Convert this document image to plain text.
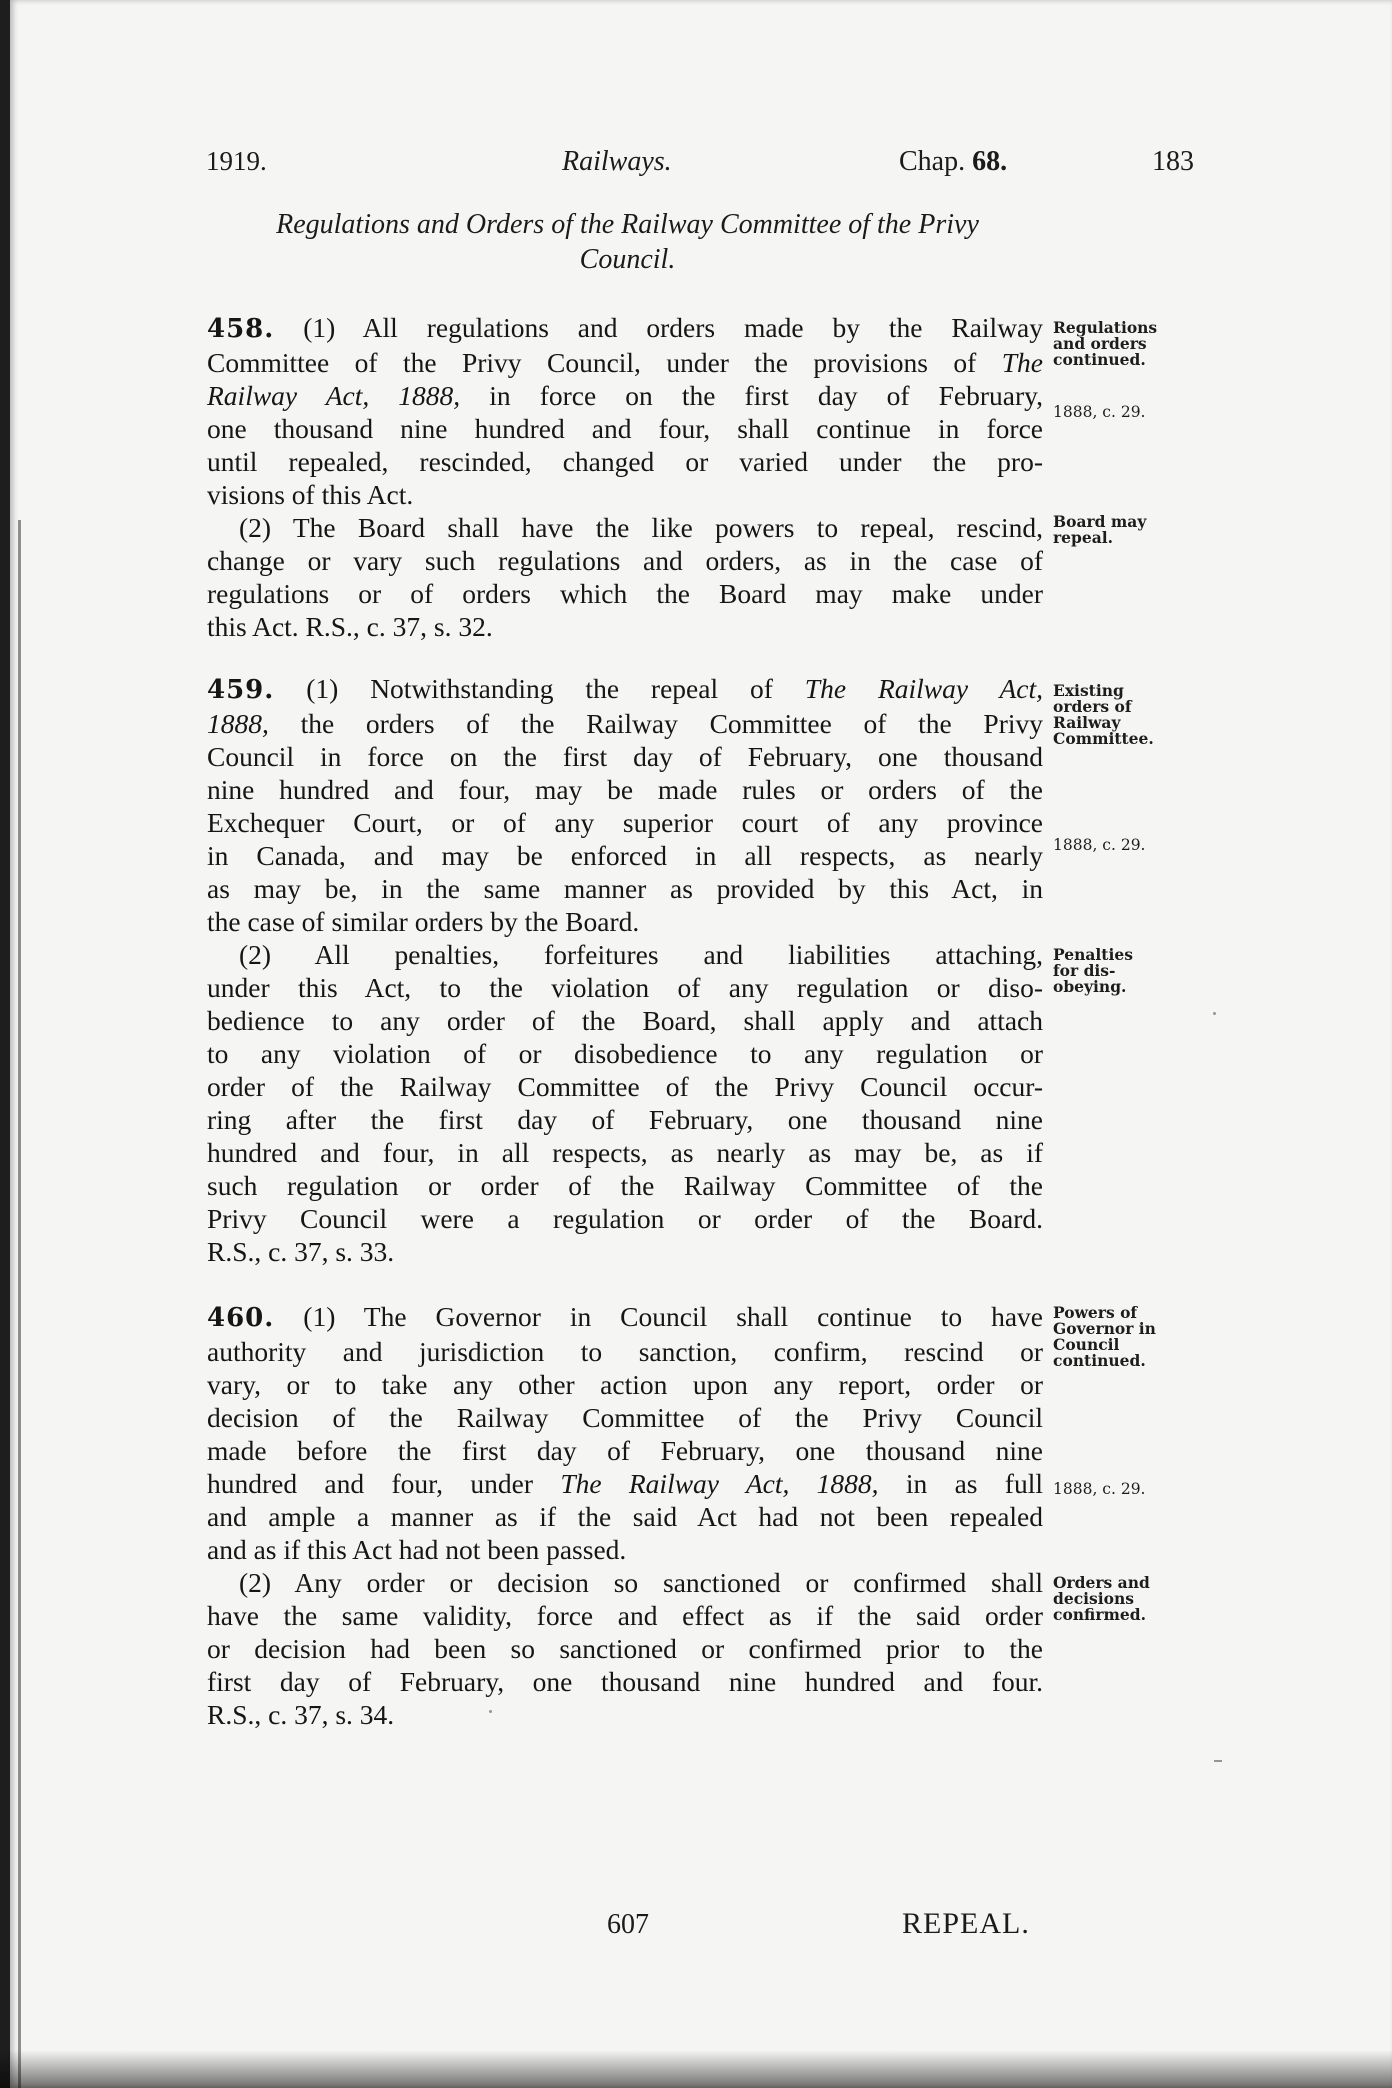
1919.	Railways.	Chap. 68.	183
Regulations and Orders of the Railway Committee of the Privy
Council.
458. (1) All regulations and orders made by the Railway
Committee of the Privy Council, under the provisions of The
Railway Act, 1888, in force on the first day of February,
one thousand nine hundred and four, shall continue in force
until repealed, rescinded, changed or varied under the pro-
visions of this Act.
(2) The Board shall have the like powers to repeal, rescind,
change or vary such regulations and orders, as in the case of
regulations or of orders which the Board may make under
this Act. R.S., c. 37, s. 32.
Regulations
and orders
continued.
1888, c. 29.
Board may
repeal.
459. (1) Notwithstanding the repeal of The Railway Act,
1888, the orders of the Railway Committee of the Privy
Council in force on the first day of February, one thousand
nine hundred and four, may be made rules or orders of the
Exchequer Court, or of any superior court of any province
in Canada, and may be enforced in all respects, as nearly
as may be, in the same manner as provided by this Act, in
the case of similar orders by the Board.
(2) All penalties, forfeitures and liabilities attaching,
under this Act, to the violation of any regulation or diso-
bedience to any order of the Board, shall apply and attach
to any violation of or disobedience to any regulation or
order of the Railway Committee of the Privy Council occur-
ring after the first day of February, one thousand nine
hundred and four, in all respects, as nearly as may be, as if
such regulation or order of the Railway Committee of the
Privy Council were a regulation or order of the Board.
R.S., c. 37, s. 33.
Existing
orders of
Railway
Committee.
1888, c. 29.
Penalties
for dis-
obeying.
460. (1) The Governor in Council shall continue to have
authority and jurisdiction to sanction, confirm, rescind or
vary, or to take any other action upon any report, order or
decision of the Railway Committee of the Privy Council
made before the first day of February, one thousand nine
hundred and four, under The Railway Act, 1888, in as full
and ample a manner as if the said Act had not been repealed
and as if this Act had not been passed.
(2) Any order or decision so sanctioned or confirmed shall
have the same validity, force and effect as if the said order
or decision had been so sanctioned or confirmed prior to the
first day of February, one thousand nine hundred and four.
R.S., c. 37, s. 34.
Powers of
Governor in
Council
continued.
1888, c. 29.
Orders and
decisions
confirmed.
607	REPEAL.
